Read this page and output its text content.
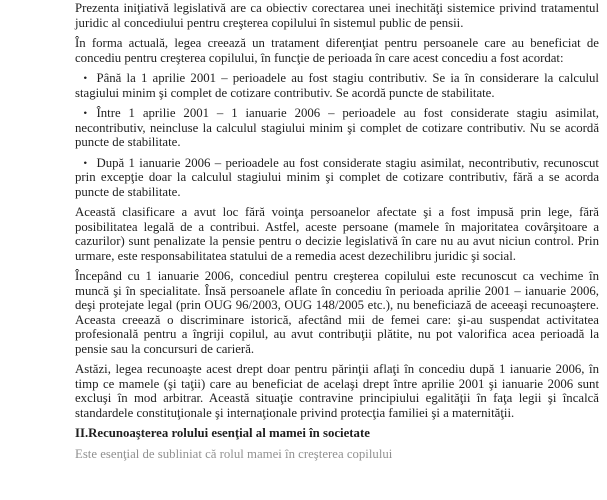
Prezenta iniţiativă legislativă are ca obiectiv corectarea unei inechităţi sistemice privind tratamentul juridic al concediului pentru creşterea copilului în sistemul public de pensii.

În forma actuală, legea creează un tratament diferenţiat pentru persoanele care au beneficiat de concediu pentru creşterea copilului, în funcţie de perioada în care acest concediu a fost acordat:

• Până la 1 aprilie 2001 – perioadele au fost stagiu contributiv. Se ia în considerare la calculul stagiului minim şi complet de cotizare contributiv. Se acordă puncte de stabilitate.

• Între 1 aprilie 2001 – 1 ianuarie 2006 – perioadele au fost considerate stagiu asimilat, necontributiv, neincluse la calculul stagiului minim şi complet de cotizare contributiv. Nu se acordă puncte de stabilitate.

• După 1 ianuarie 2006 – perioadele au fost considerate stagiu asimilat, necontributiv, recunoscut prin excepţie doar la calculul stagiului minim şi complet de cotizare contributiv, fără a se acorda puncte de stabilitate.

Această clasificare a avut loc fără voinţa persoanelor afectate şi a fost impusă prin lege, fără posibilitatea legală de a contribui. Astfel, aceste persoane (mamele în majoritatea covârşitoare a cazurilor) sunt penalizate la pensie pentru o decizie legislativă în care nu au avut niciun control. Prin urmare, este responsabilitatea statului de a remedia acest dezechilibru juridic şi social.

Începând cu 1 ianuarie 2006, concediul pentru creşterea copilului este recunoscut ca vechime în muncă şi în specialitate. Însă persoanele aflate în concediu în perioada aprilie 2001 – ianuarie 2006, deşi protejate legal (prin OUG 96/2003, OUG 148/2005 etc.), nu beneficiază de aceeaşi recunoaştere. Aceasta creează o discriminare istorică, afectând mii de femei care: şi-au suspendat activitatea profesională pentru a îngriji copilul, au avut contribuţii plătite, nu pot valorifica acea perioadă la pensie sau la concursuri de carieră.

Astăzi, legea recunoaşte acest drept doar pentru părinţii aflaţi în concediu după 1 ianuarie 2006, în timp ce mamele (şi taţii) care au beneficiat de acelaşi drept între aprilie 2001 şi ianuarie 2006 sunt excluşi în mod arbitrar. Această situaţie contravine principiului egalităţii în faţa legii şi încalcă standardele constituţionale şi internaţionale privind protecţia familiei şi a maternităţii.

II.Recunoaşterea rolului esenţial al mamei în societate

Este esenţial de subliniat că rolul mamei în creşterea copilului
